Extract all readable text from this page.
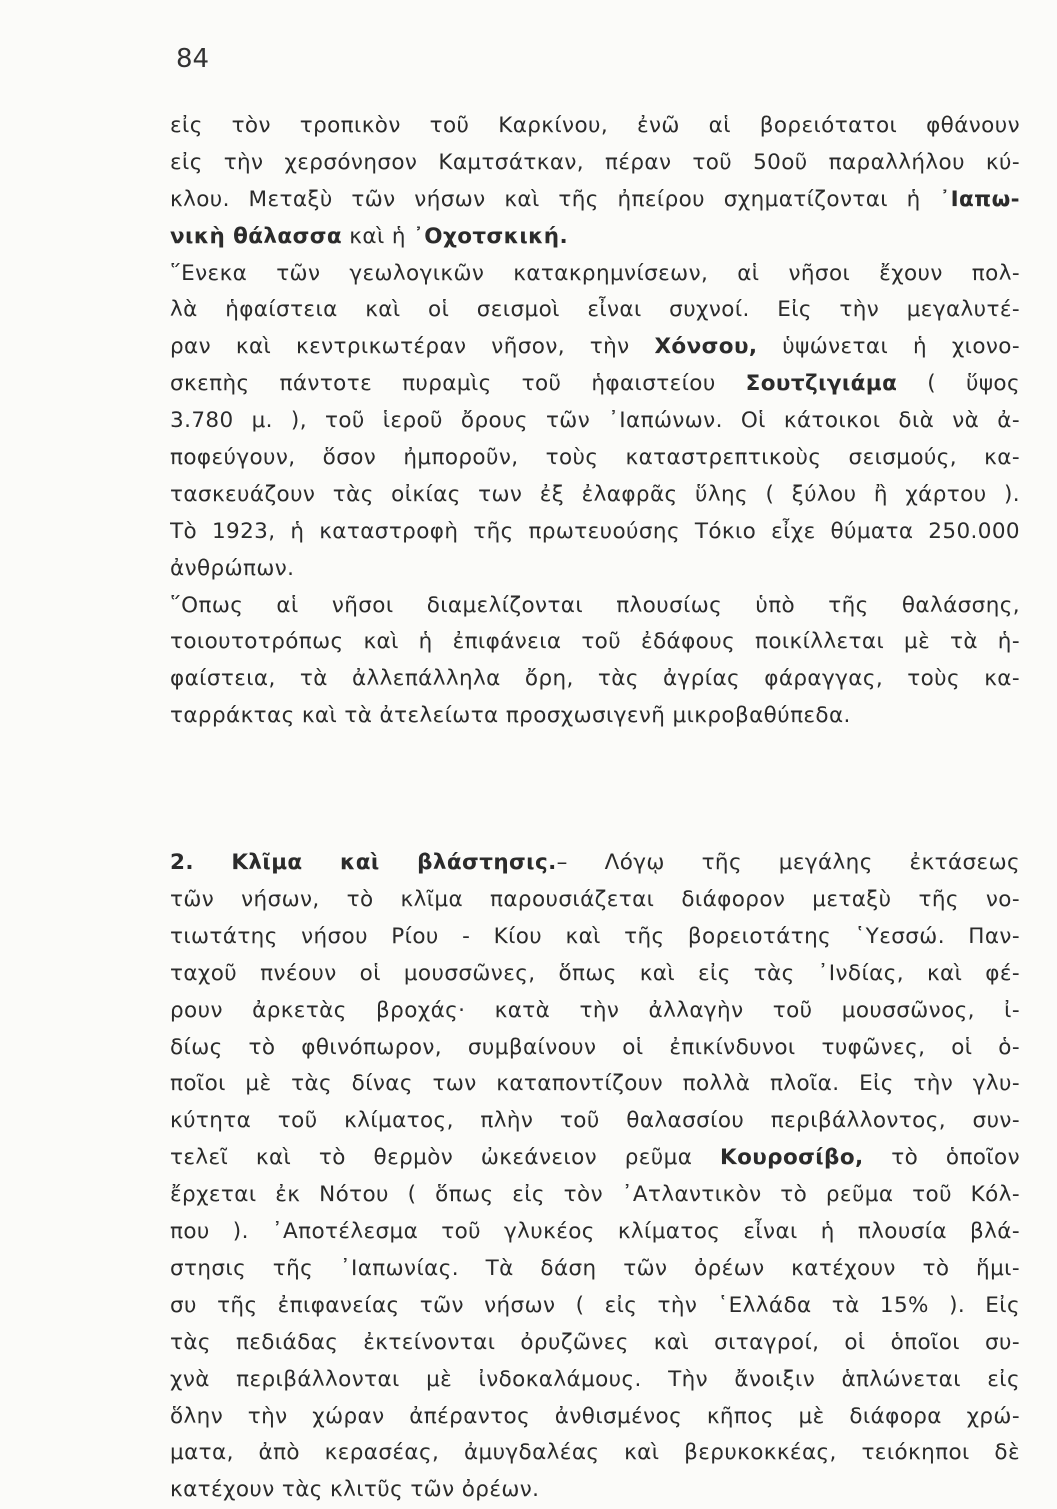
84
εἰς τὸν τροπικὸν τοῦ Καρκίνου, ἐνῶ αἱ βορειότατοι φθάνουν
εἰς τὴν χερσόνησον Καμτσάτκαν, πέραν τοῦ 50οῦ παραλλήλου κύ-
κλου. Μεταξὺ τῶν νήσων καὶ τῆς ἠπείρου σχηματίζονται ἡ ᾿Ιαπω-
νικὴ θάλασσα καὶ ἡ ᾿Οχοτσκική.
῞Ενεκα τῶν γεωλογικῶν κατακρημνίσεων, αἱ νῆσοι ἔχουν πολ-
λὰ ἡφαίστεια καὶ οἱ σεισμοὶ εἶναι συχνοί. Εἰς τὴν μεγαλυτέ-
ραν καὶ κεντρικωτέραν νῆσον, τὴν Χόνσου, ὑψώνεται ἡ χιονο-
σκεπὴς πάντοτε πυραμὶς τοῦ ἡφαιστείου Σουτζιγιάμα ( ὕψος
3.780 μ. ), τοῦ ἱεροῦ ὄρους τῶν ᾿Ιαπώνων. Οἱ κάτοικοι διὰ νὰ ἀ-
ποφεύγουν, ὅσον ἠμποροῦν, τοὺς καταστρεπτικοὺς σεισμούς, κα-
τασκευάζουν τὰς οἰκίας των ἐξ ἐλαφρᾶς ὕλης ( ξύλου ἢ χάρτου ).
Τὸ 1923, ἡ καταστροφὴ τῆς πρωτευούσης Τόκιο εἶχε θύματα 250.000
ἀνθρώπων.
῞Οπως αἱ νῆσοι διαμελίζονται πλουσίως ὑπὸ τῆς θαλάσσης,
τοιουτοτρόπως καὶ ἡ ἐπιφάνεια τοῦ ἐδάφους ποικίλλεται μὲ τὰ ἡ-
φαίστεια, τὰ ἀλλεπάλληλα ὄρη, τὰς ἀγρίας φάραγγας, τοὺς κα-
ταρράκτας καὶ τὰ ἀτελείωτα προσχωσιγενῆ μικροβαθύπεδα.
2. Κλῖμα καὶ βλάστησις.– Λόγῳ τῆς μεγάλης ἐκτάσεως
τῶν νήσων, τὸ κλῖμα παρουσιάζεται διάφορον μεταξὺ τῆς νο-
τιωτάτης νήσου Ρίου - Κίου καὶ τῆς βορειοτάτης ῾Υεσσώ. Παν-
ταχοῦ πνέουν οἱ μουσσῶνες, ὅπως καὶ εἰς τὰς ᾿Ινδίας, καὶ φέ-
ρουν ἀρκετὰς βροχάς· κατὰ τὴν ἀλλαγὴν τοῦ μουσσῶνος, ἰ-
δίως τὸ φθινόπωρον, συμβαίνουν οἱ ἐπικίνδυνοι τυφῶνες, οἱ ὁ-
ποῖοι μὲ τὰς δίνας των καταποντίζουν πολλὰ πλοῖα. Εἰς τὴν γλυ-
κύτητα τοῦ κλίματος, πλὴν τοῦ θαλασσίου περιβάλλοντος, συν-
τελεῖ καὶ τὸ θερμὸν ὠκεάνειον ρεῦμα Κουροσίβο, τὸ ὁποῖον
ἔρχεται ἐκ Νότου ( ὅπως εἰς τὸν ᾿Ατλαντικὸν τὸ ρεῦμα τοῦ Κόλ-
που ). ᾿Αποτέλεσμα τοῦ γλυκέος κλίματος εἶναι ἡ πλουσία βλά-
στησις τῆς ᾿Ιαπωνίας. Τὰ δάση τῶν ὀρέων κατέχουν τὸ ἥμι-
συ τῆς ἐπιφανείας τῶν νήσων ( εἰς τὴν ῾Ελλάδα τὰ 15% ). Εἰς
τὰς πεδιάδας ἐκτείνονται ὀρυζῶνες καὶ σιταγροί, οἱ ὁποῖοι συ-
χνὰ περιβάλλονται μὲ ἰνδοκαλάμους. Τὴν ἄνοιξιν ἁπλώνεται εἰς
ὅλην τὴν χώραν ἀπέραντος ἀνθισμένος κῆπος μὲ διάφορα χρώ-
ματα, ἀπὸ κερασέας, ἀμυγδαλέας καὶ βερυκοκκέας, τειόκηποι δὲ
κατέχουν τὰς κλιτῦς τῶν ὀρέων.
